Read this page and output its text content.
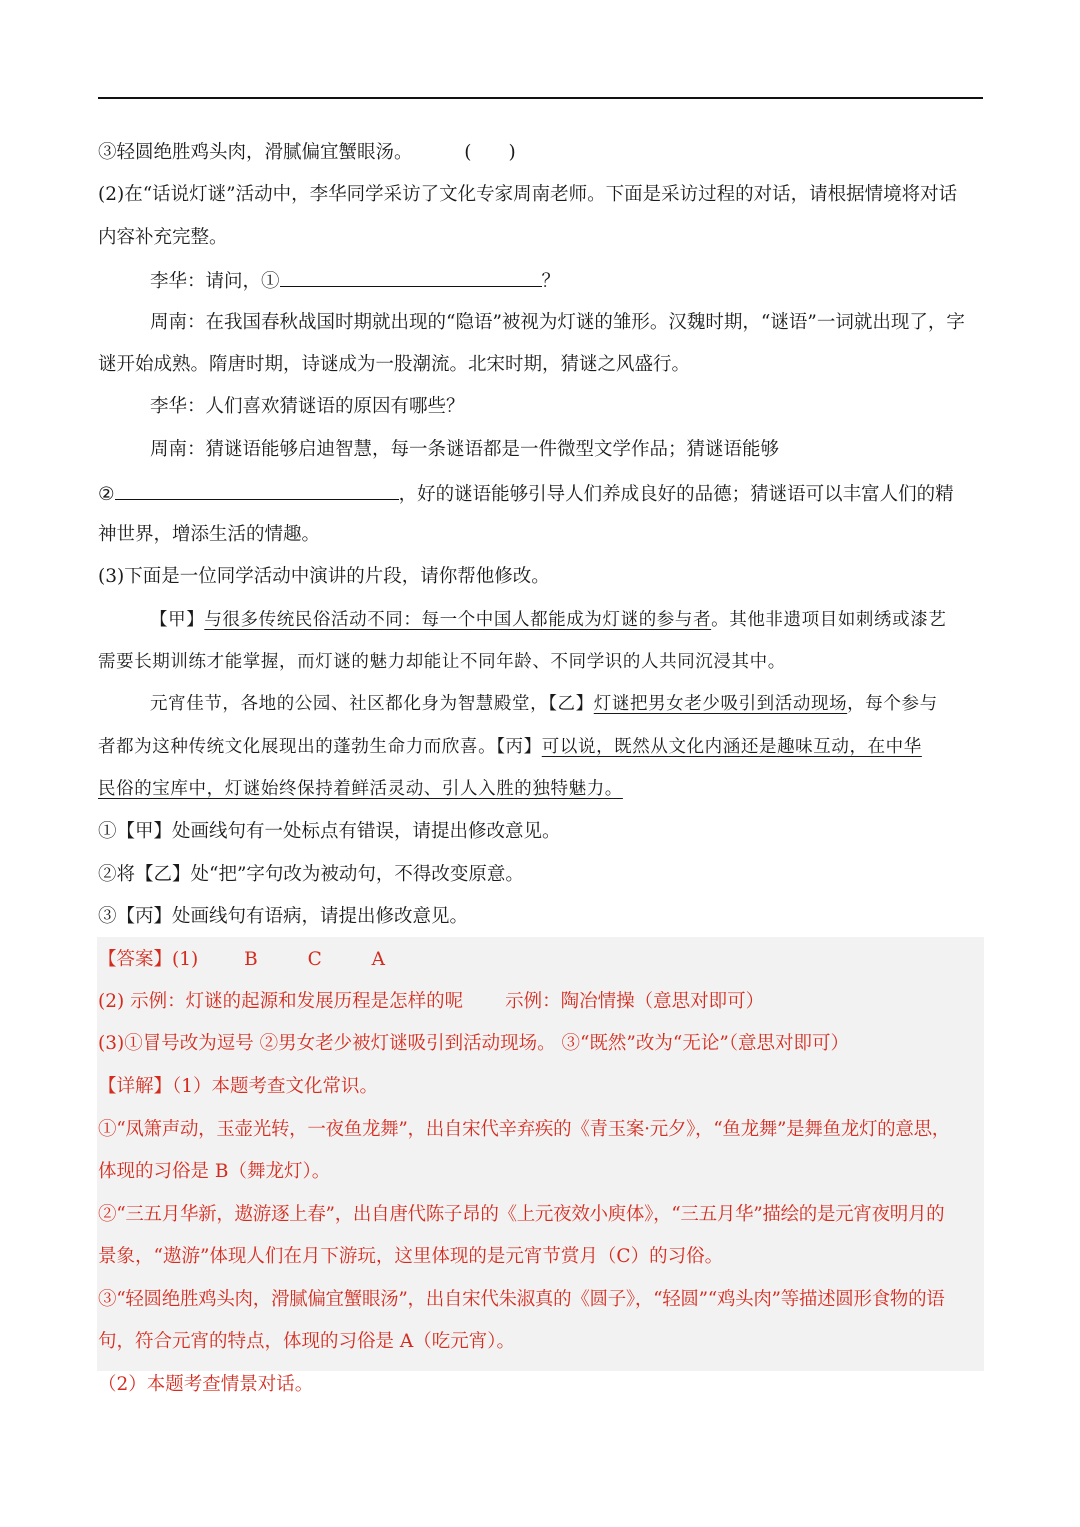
③轻圆绝胜鸡头肉，滑腻偏宜蟹眼汤。	(　　)
(2)在“话说灯谜”活动中，李华同学采访了文化专家周南老师。下面是采访过程的对话，请根据情境将对话
内容补充完整。
李华：请问，①	？
周南：在我国春秋战国时期就出现的“隐语”被视为灯谜的雏形。汉魏时期，“谜语”一词就出现了，字
谜开始成熟。隋唐时期，诗谜成为一股潮流。北宋时期，猜谜之风盛行。
李华：人们喜欢猜谜语的原因有哪些？
周南：猜谜语能够启迪智慧，每一条谜语都是一件微型文学作品；猜谜语能够
②	，好的谜语能够引导人们养成良好的品德；猜谜语可以丰富人们的精
神世界，增添生活的情趣。
(3)下面是一位同学活动中演讲的片段，请你帮他修改。
【甲】与很多传统民俗活动不同：每一个中国人都能成为灯谜的参与者。其他非遗项目如刺绣或漆艺
需要长期训练才能掌握，而灯谜的魅力却能让不同年龄、不同学识的人共同沉浸其中。
元宵佳节，各地的公园、社区都化身为智慧殿堂，【乙】灯谜把男女老少吸引到活动现场，每个参与
者都为这种传统文化展现出的蓬勃生命力而欣喜。【丙】可以说，既然从文化内涵还是趣味互动，在中华
民俗的宝库中，灯谜始终保持着鲜活灵动、引人入胜的独特魅力。
①【甲】处画线句有一处标点有错误，请提出修改意见。
②将【乙】处“把”字句改为被动句，不得改变原意。
③【丙】处画线句有语病，请提出修改意见。
【答案】(1) B	C	A
(2) 示例：灯谜的起源和发展历程是怎样的呢 示例：陶冶情操（意思对即可）
(3)①冒号改为逗号 ②男女老少被灯谜吸引到活动现场。 ③“既然”改为“无论”（意思对即可）
【详解】（1）本题考查文化常识。
①“凤箫声动，玉壶光转，一夜鱼龙舞”，出自宋代辛弃疾的《青玉案·元夕》，“鱼龙舞”是舞鱼龙灯的意思，
体现的习俗是 B（舞龙灯）。
②“三五月华新，遨游逐上春”，出自唐代陈子昂的《上元夜效小庾体》，“三五月华”描绘的是元宵夜明月的
景象，“遨游”体现人们在月下游玩，这里体现的是元宵节赏月（C）的习俗。
③“轻圆绝胜鸡头肉，滑腻偏宜蟹眼汤”，出自宋代朱淑真的《圆子》，“轻圆”“鸡头肉”等描述圆形食物的语
句，符合元宵的特点，体现的习俗是 A（吃元宵）。
（2）本题考查情景对话。
